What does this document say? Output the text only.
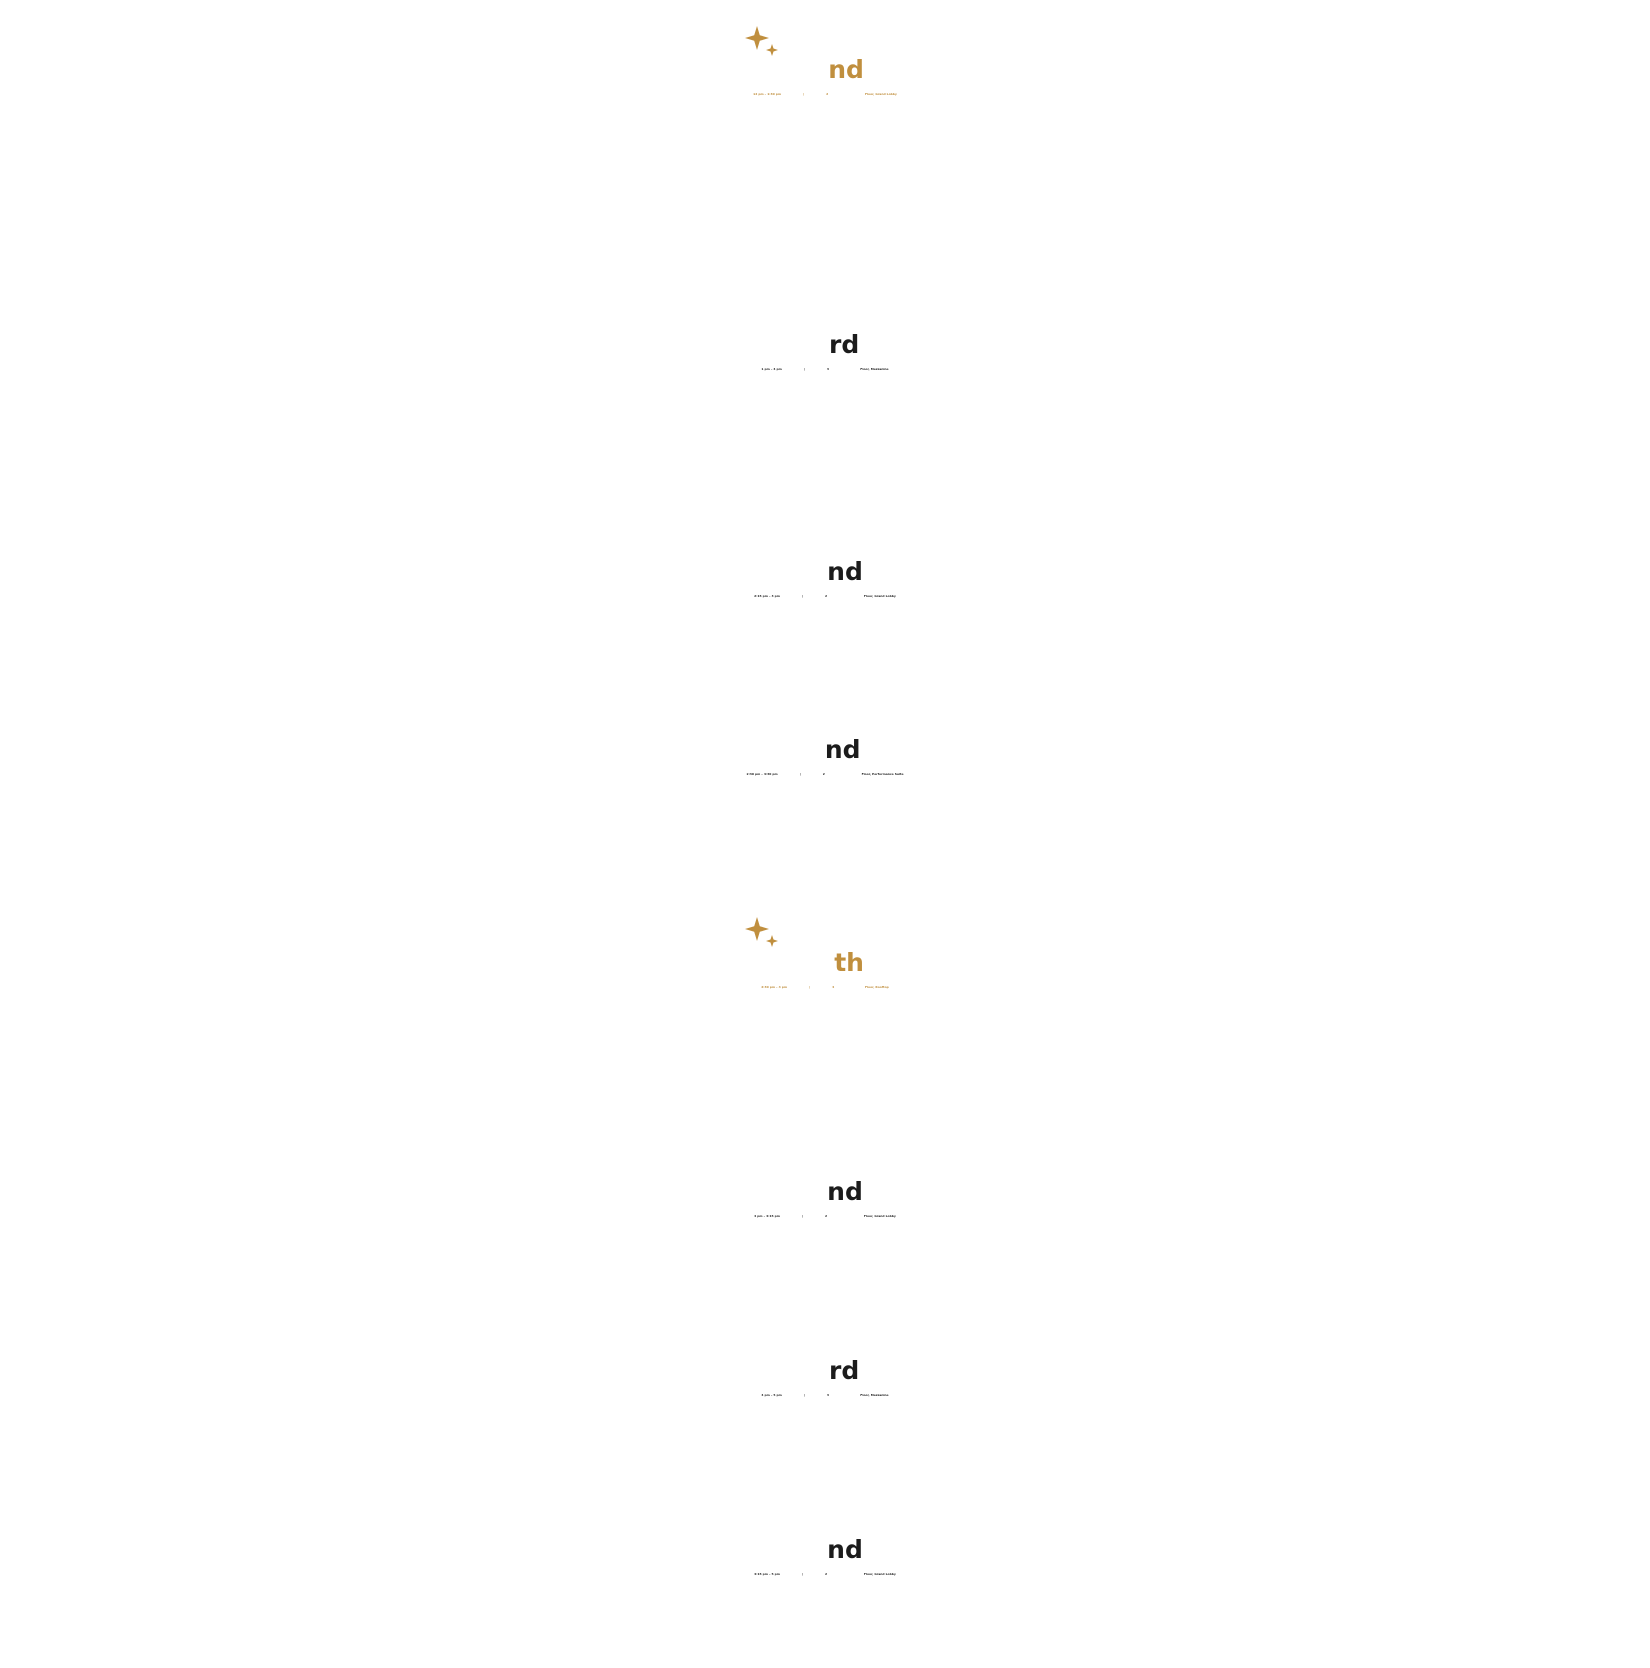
12 pm – 1:30 pm	|	2nd Floor, Grand Lobby
1 pm – 4 pm	|	3rd Floor, Mezzanine
2:15 pm – 3 pm	|	2nd Floor, Grand Lobby
2:30 pm – 4:30 pm	|	2nd Floor, Performance Suite
2:30 pm – 4 pm	|	4th Floor, Rooftop
4 pm – 4:15 pm	|	2nd Floor, Grand Lobby
4 pm – 5 pm	|	3rd Floor, Mezzanine
4:15 pm – 5 pm	|	2nd Floor, Grand Lobby
